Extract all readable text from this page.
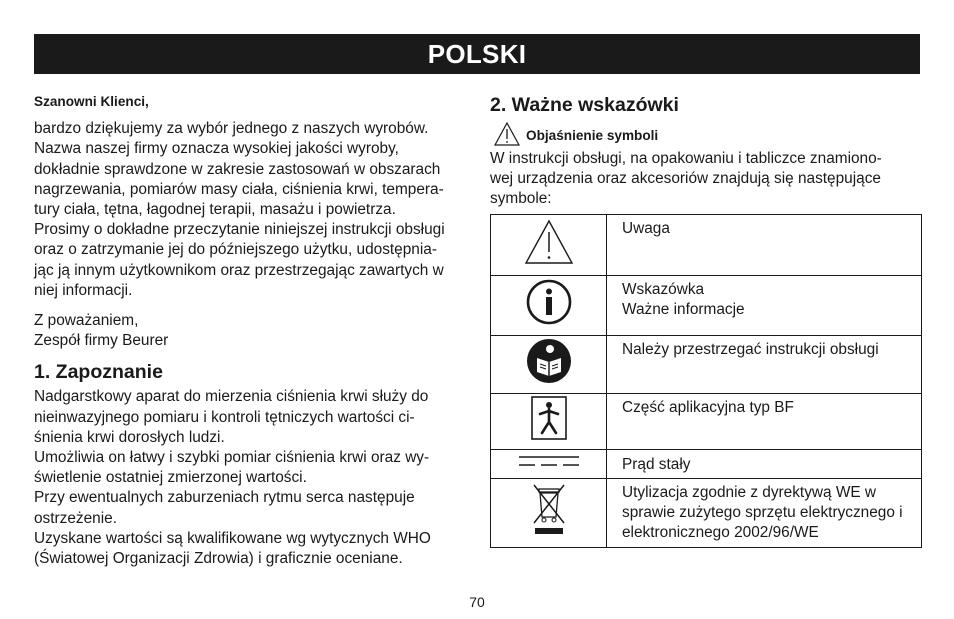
POLSKI

Szanowni Klienci,

bardzo dziękujemy za wybór jednego z naszych wyrobów.
Nazwa naszej firmy oznacza wysokiej jakości wyroby,
dokładnie sprawdzone w zakresie zastosowań w obszarach
nagrzewania, pomiarów masy ciała, ciśnienia krwi, tempera-
tury ciała, tętna, łagodnej terapii, masażu i powietrza.
Prosimy o dokładne przeczytanie niniejszej instrukcji obsługi
oraz o zatrzymanie jej do późniejszego użytku, udostępnia-
jąc ją innym użytkownikom oraz przestrzegając zawartych w
niej informacji.

Z poważaniem,
Zespół firmy Beurer

1. Zapoznanie

Nadgarstkowy aparat do mierzenia ciśnienia krwi służy do
nieinwazyjnego pomiaru i kontroli tętniczych wartości ci-
śnienia krwi dorosłych ludzi.
Umożliwia on łatwy i szybki pomiar ciśnienia krwi oraz wy-
świetlenie ostatniej zmierzonej wartości.
Przy ewentualnych zaburzeniach rytmu serca następuje
ostrzeżenie.
Uzyskane wartości są kwalifikowane wg wytycznych WHO
(Światowej Organizacji Zdrowia) i graficznie oceniane.

2. Ważne wskazówki
Objaśnienie symboli

W instrukcji obsługi, na opakowaniu i tabliczce znamiono-
wej urządzenia oraz akcesoriów znajdują się następujące
symbole:

Uwaga

Wskazówka
Ważne informacje

Należy przestrzegać instrukcji obsługi

Część aplikacyjna typ BF

Prąd stały

Utylizacja zgodnie z dyrektywą WE w
sprawie zużytego sprzętu elektrycznego i
elektronicznego 2002/96/WE
70
